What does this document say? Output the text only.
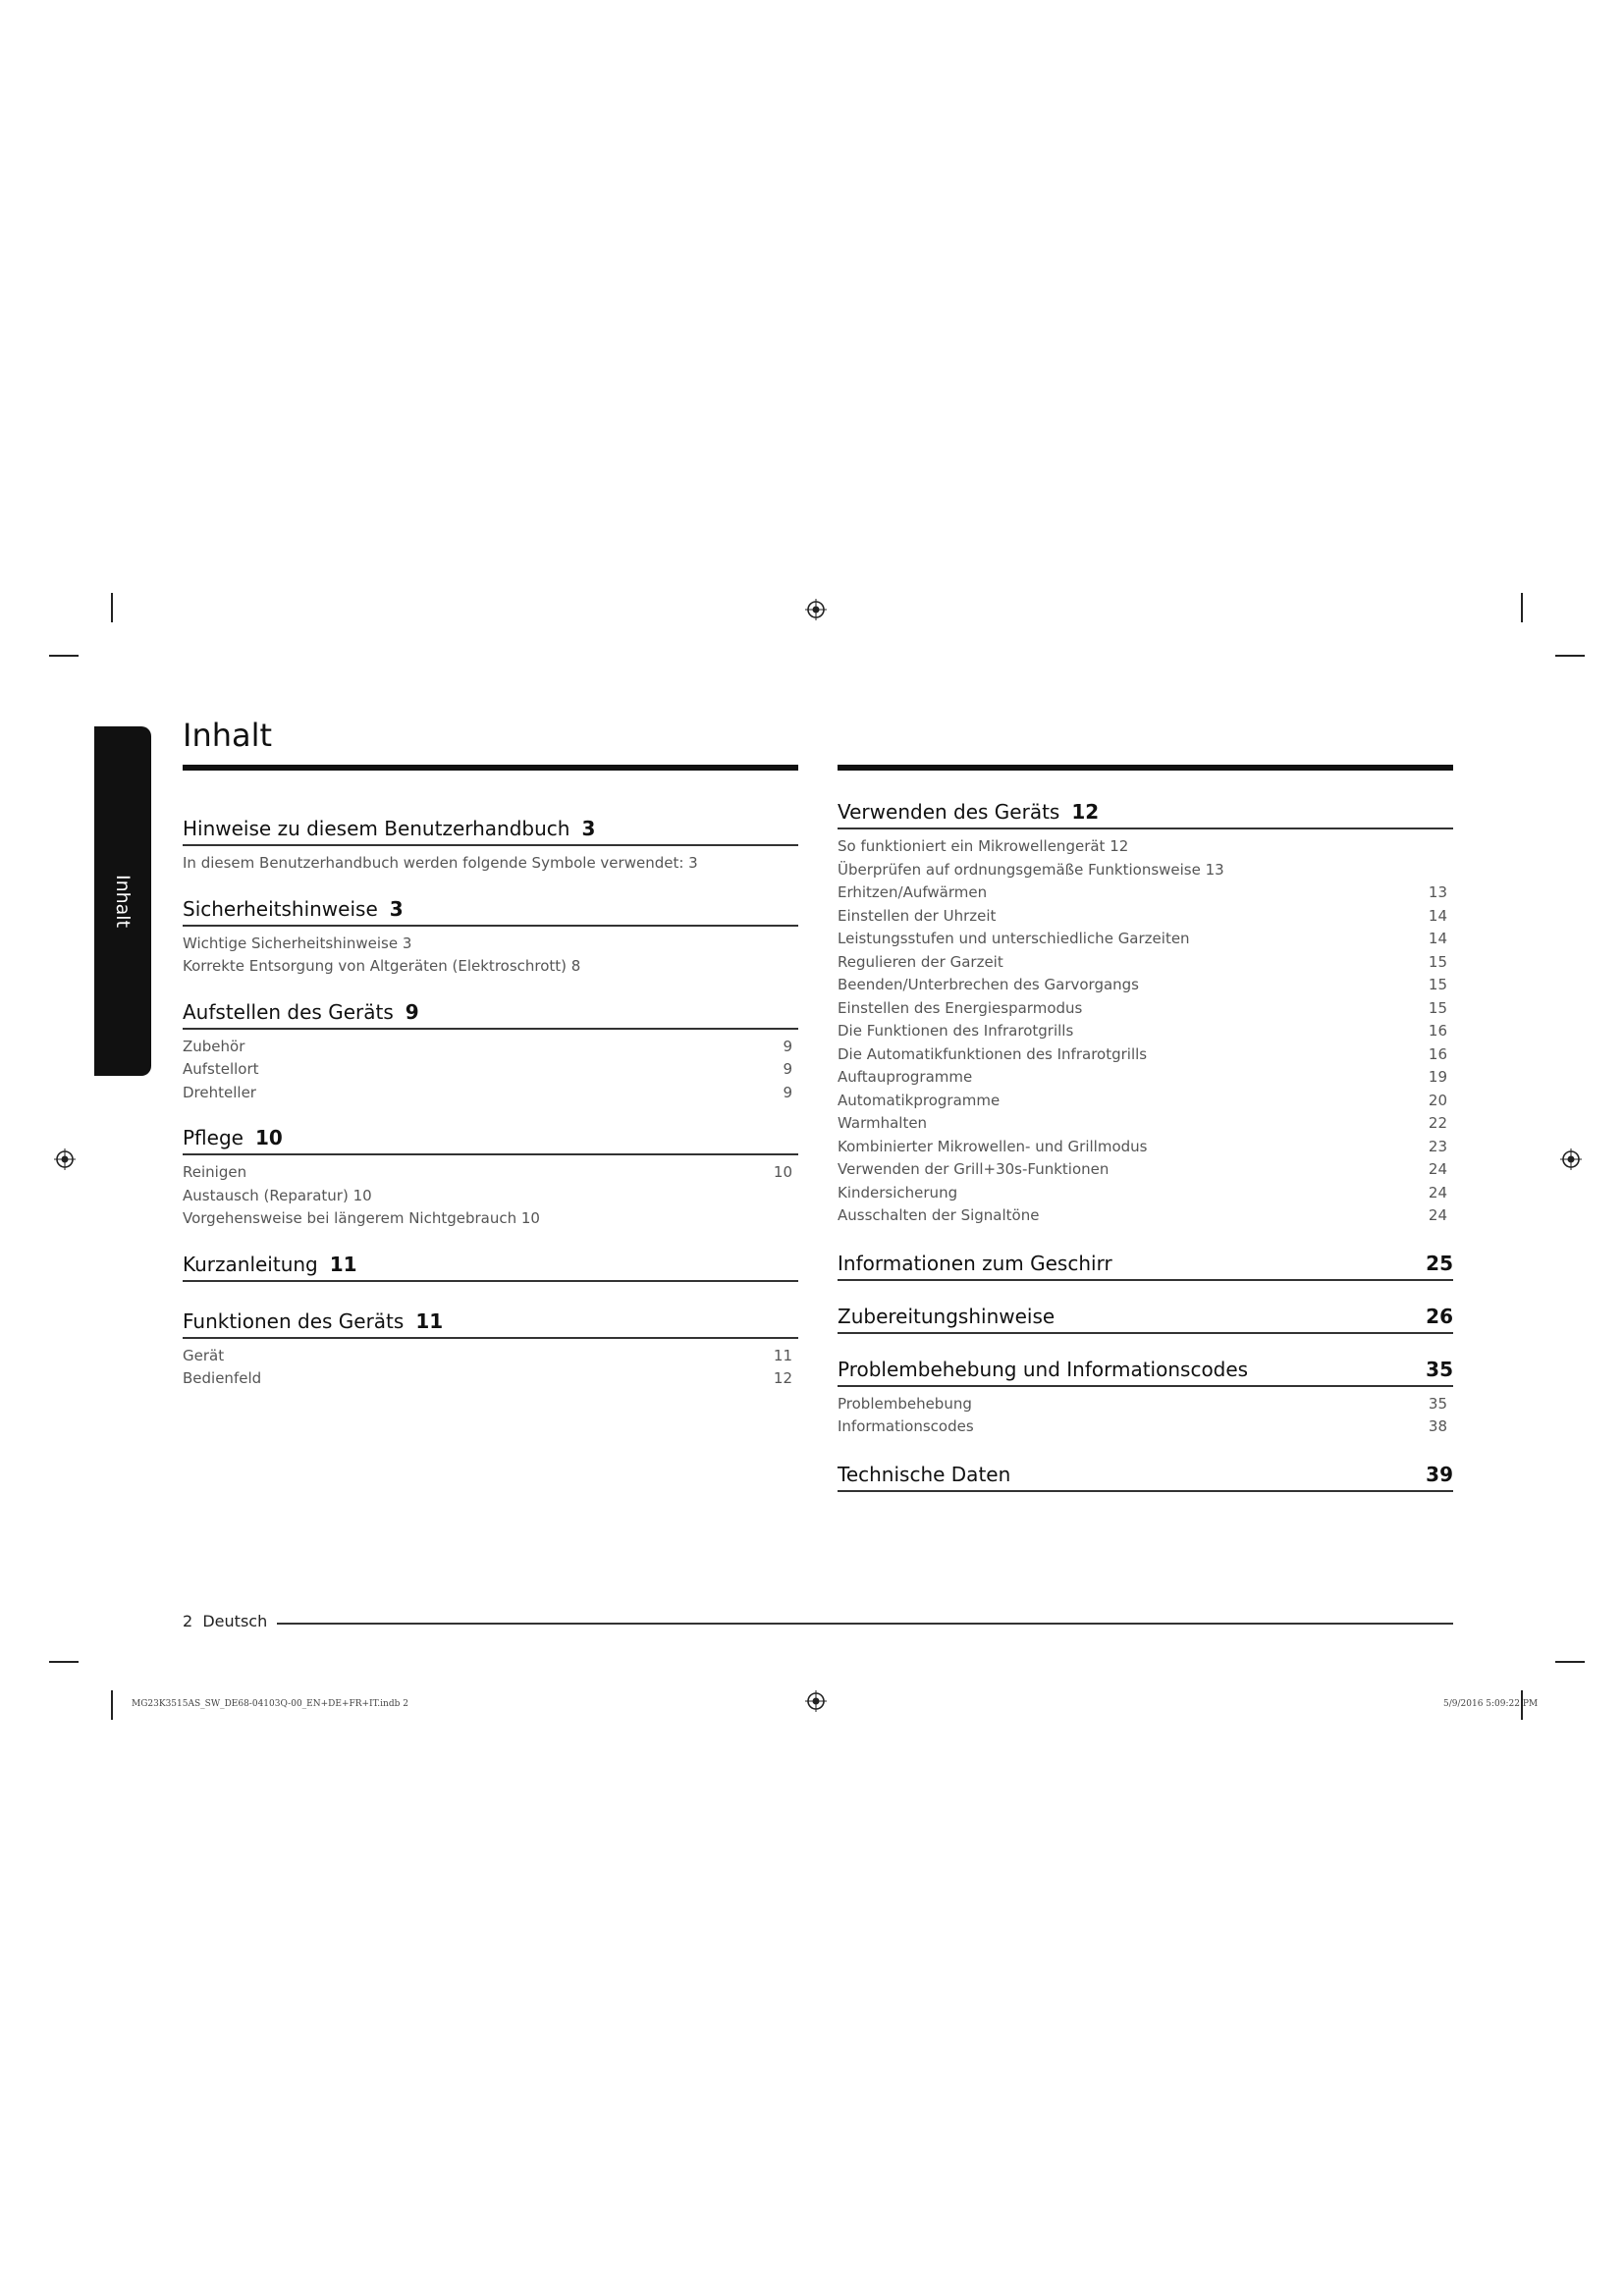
Inhalt
Inhalt
Hinweise zu diesem Benutzerhandbuch 3
In diesem Benutzerhandbuch werden folgende Symbole verwendet: 3
Sicherheitshinweise 3
Wichtige Sicherheitshinweise 3
Korrekte Entsorgung von Altgeräten (Elektroschrott) 8
Aufstellen des Geräts 9
Zubehör	9
Aufstellort	9
Drehteller	9
Pflege 10
Reinigen	10
Austausch (Reparatur) 10
Vorgehensweise bei längerem Nichtgebrauch 10
Kurzanleitung 11
Funktionen des Geräts 11
Gerät	11
Bedienfeld	12
Verwenden des Geräts 12
So funktioniert ein Mikrowellengerät 12
Überprüfen auf ordnungsgemäße Funktionsweise 13
Erhitzen/Aufwärmen	13
Einstellen der Uhrzeit	14
Leistungsstufen und unterschiedliche Garzeiten	14
Regulieren der Garzeit	15
Beenden/Unterbrechen des Garvorgangs	15
Einstellen des Energiesparmodus	15
Die Funktionen des Infrarotgrills	16
Die Automatikfunktionen des Infrarotgrills	16
Auftauprogramme	19
Automatikprogramme	20
Warmhalten	22
Kombinierter Mikrowellen- und Grillmodus	23
Verwenden der Grill+30s-Funktionen	24
Kindersicherung	24
Ausschalten der Signaltöne	24
Informationen zum Geschirr	25
Zubereitungshinweise	26
Problembehebung und Informationscodes	35
Problembehebung	35
Informationscodes	38
Technische Daten	39
2 Deutsch
MG23K3515AS_SW_DE68-04103Q-00_EN+DE+FR+IT.indb 2	5/9/2016 5:09:22 PM
